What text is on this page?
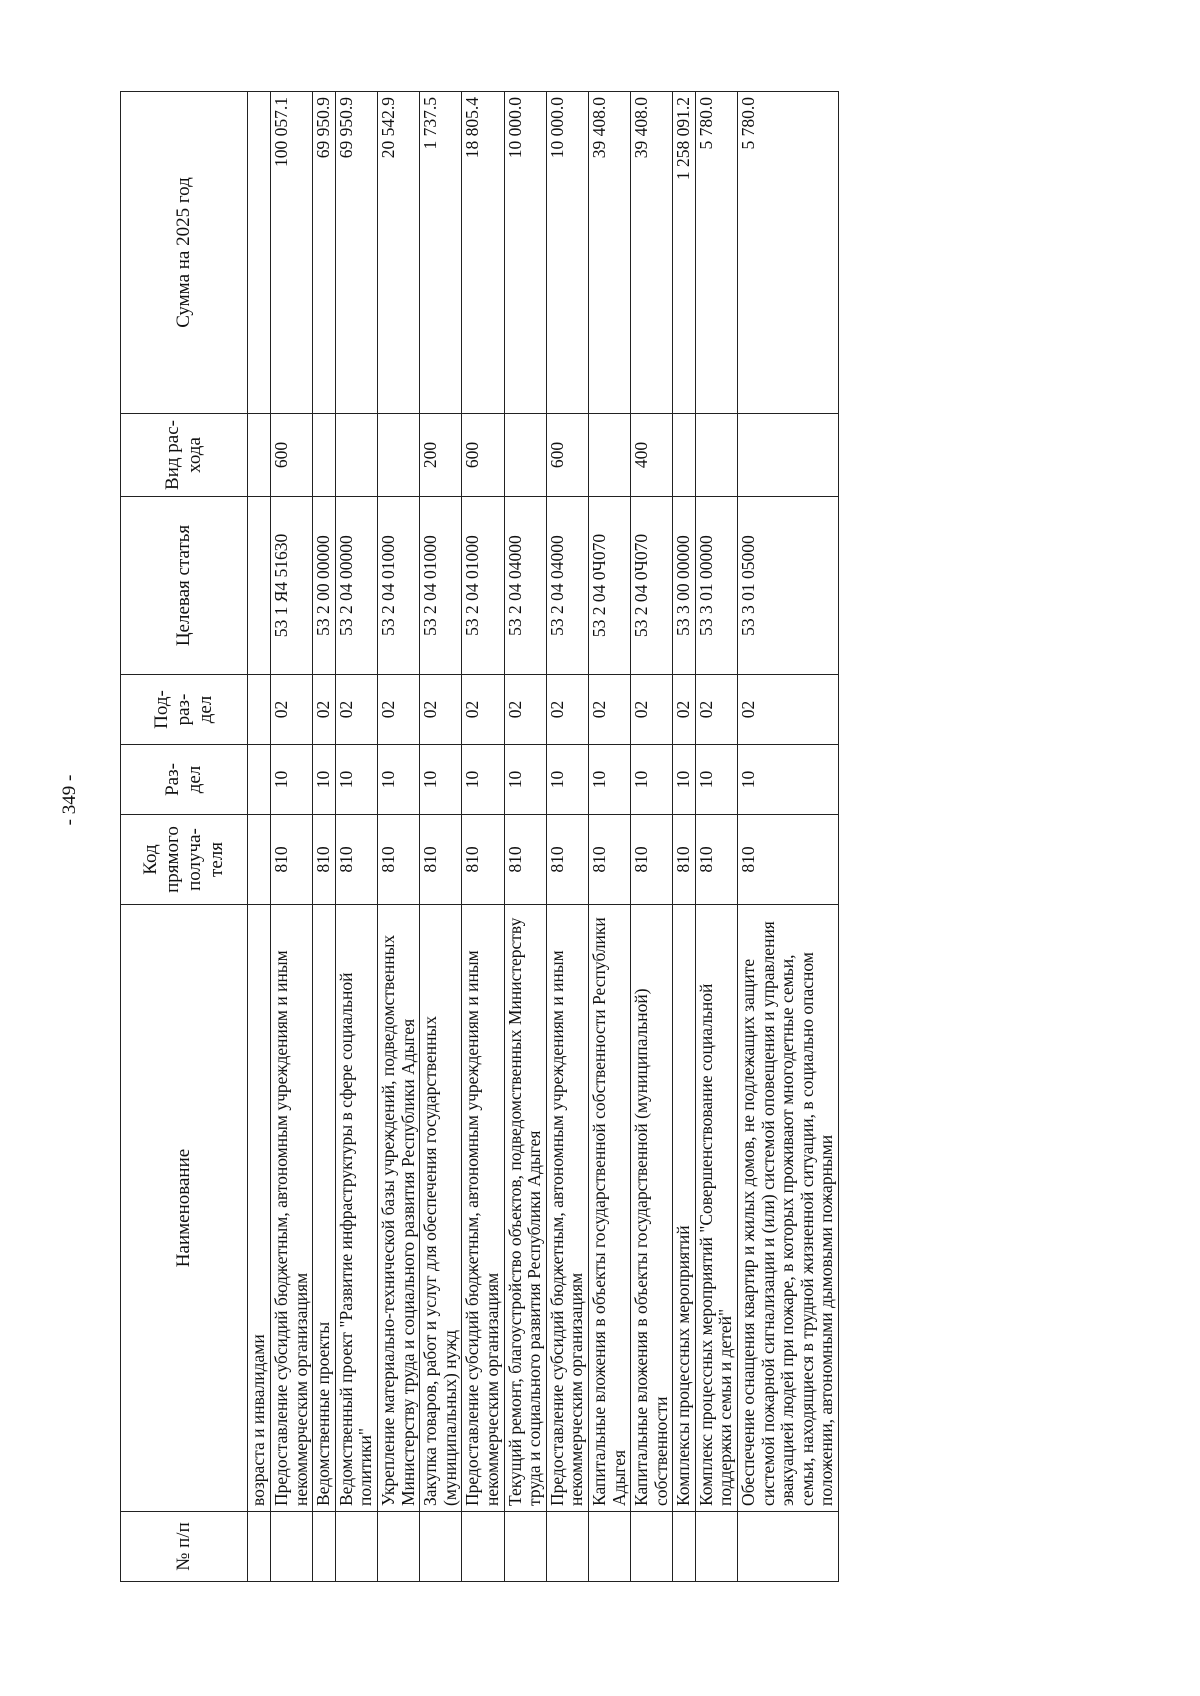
- 349 -
№ п/п	Наименование	Код прямого получа-теля	Раз-дел	Под-раз-дел	Целевая статья	Вид рас-хода	Сумма на 2025 год
	возраста и инвалидами						
	Предоставление субсидий бюджетным, автономным учреждениям и иным некоммерческим организациям	810	10	02	53 1 Я4 51630	600	100 057.1
	Ведомственные проекты	810	10	02	53 2 00 00000		69 950.9
	Ведомственный проект "Развитие инфраструктуры в сфере социальной политики"	810	10	02	53 2 04 00000		69 950.9
	Укрепление материально-технической базы учреждений, подведомственных Министерству труда и социального развития Республики Адыгея	810	10	02	53 2 04 01000		20 542.9
	Закупка товаров, работ и услуг для обеспечения государственных (муниципальных) нужд	810	10	02	53 2 04 01000	200	1 737.5
	Предоставление субсидий бюджетным, автономным учреждениям и иным некоммерческим организациям	810	10	02	53 2 04 01000	600	18 805.4
	Текущий ремонт, благоустройство объектов, подведомственных Министерству труда и социального развития Республики Адыгея	810	10	02	53 2 04 04000		10 000.0
	Предоставление субсидий бюджетным, автономным учреждениям и иным некоммерческим организациям	810	10	02	53 2 04 04000	600	10 000.0
	Капитальные вложения в объекты государственной собственности Республики Адыгея	810	10	02	53 2 04 0Ч070		39 408.0
	Капитальные вложения в объекты государственной (муниципальной) собственности	810	10	02	53 2 04 0Ч070	400	39 408.0
	Комплексы процессных мероприятий	810	10	02	53 3 00 00000		1 258 091.2
	Комплекс процессных мероприятий "Совершенствование социальной поддержки семьи и детей"	810	10	02	53 3 01 00000		5 780.0
	Обеспечение оснащения квартир и жилых домов, не подлежащих защите системой пожарной сигнализации и (или) системой оповещения и управления эвакуацией людей при пожаре, в которых проживают многодетные семьи, семьи, находящиеся в трудной жизненной ситуации, в социально опасном положении, автономными дымовыми пожарными	810	10	02	53 3 01 05000		5 780.0
